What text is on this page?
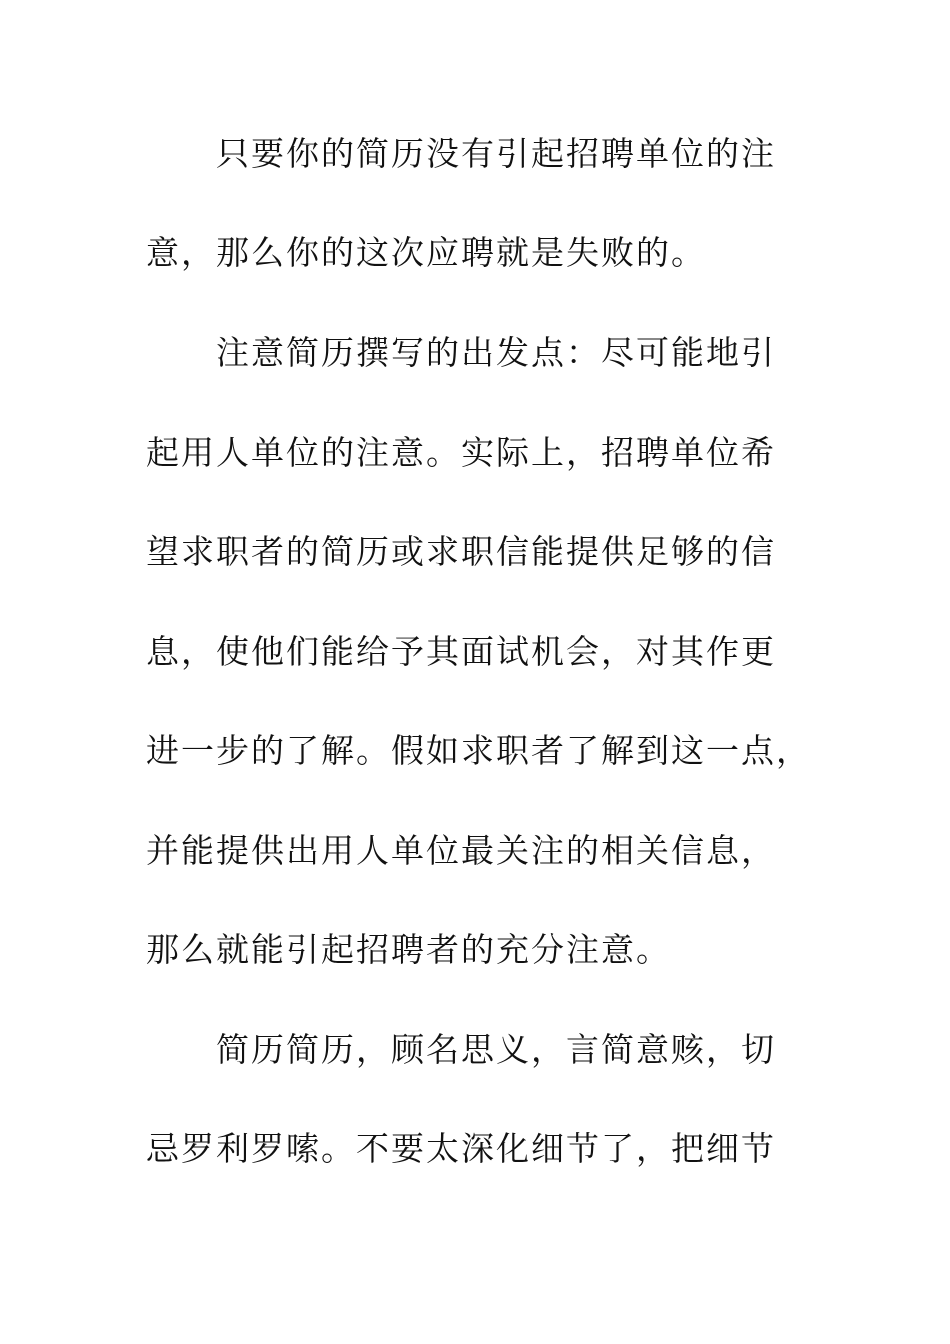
只要你的简历没有引起招聘单位的注
意，那么你的这次应聘就是失败的。
注意简历撰写的出发点：尽可能地引
起用人单位的注意。实际上，招聘单位希
望求职者的简历或求职信能提供足够的信
息，使他们能给予其面试机会，对其作更
进一步的了解。假如求职者了解到这一点，
并能提供出用人单位最关注的相关信息，
那么就能引起招聘者的充分注意。
简历简历，顾名思义，言简意赅，切
忌罗利罗嗦。不要太深化细节了，把细节
